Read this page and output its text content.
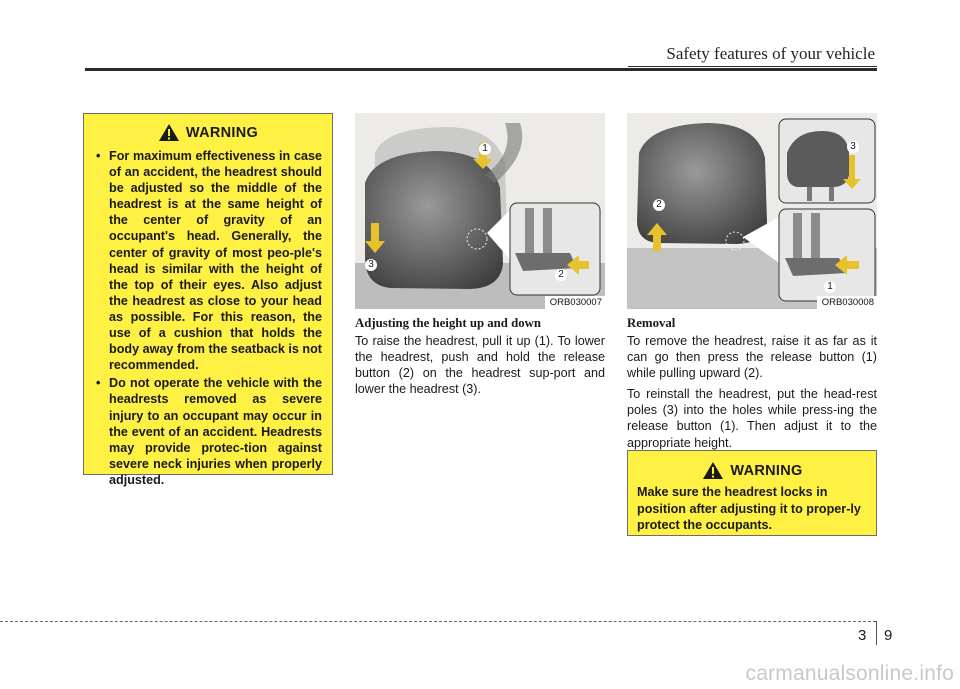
Safety features of your vehicle
WARNING
• For maximum effectiveness in case of an accident, the headrest should be adjusted so the middle of the headrest is at the same height of the center of gravity of an occupant's head. Generally, the center of gravity of most peo-ple's head is similar with the height of the top of their eyes. Also adjust the headrest as close to your head as possible. For this reason, the use of a cushion that holds the body away from the seatback is not recommended.
• Do not operate the vehicle with the headrests removed as severe injury to an occupant may occur in the event of an accident. Headrests may provide protec-tion against severe neck injuries when properly adjusted.
1
2
3
ORB030007
3
2
1
ORB030008
Adjusting the height up and down

To raise the headrest, pull it up (1). To lower the headrest, push and hold the release button (2) on the headrest sup-port and lower the headrest (3).

Removal

To remove the headrest, raise it as far as it can go then press the release button (1) while pulling upward (2).

To reinstall the headrest, put the head-rest poles (3) into the holes while press-ing the release button (1). Then adjust it to the appropriate height.

WARNING
Make sure the headrest locks in position after adjusting it to proper-ly protect the occupants.
3 9
carmanualsonline.info
